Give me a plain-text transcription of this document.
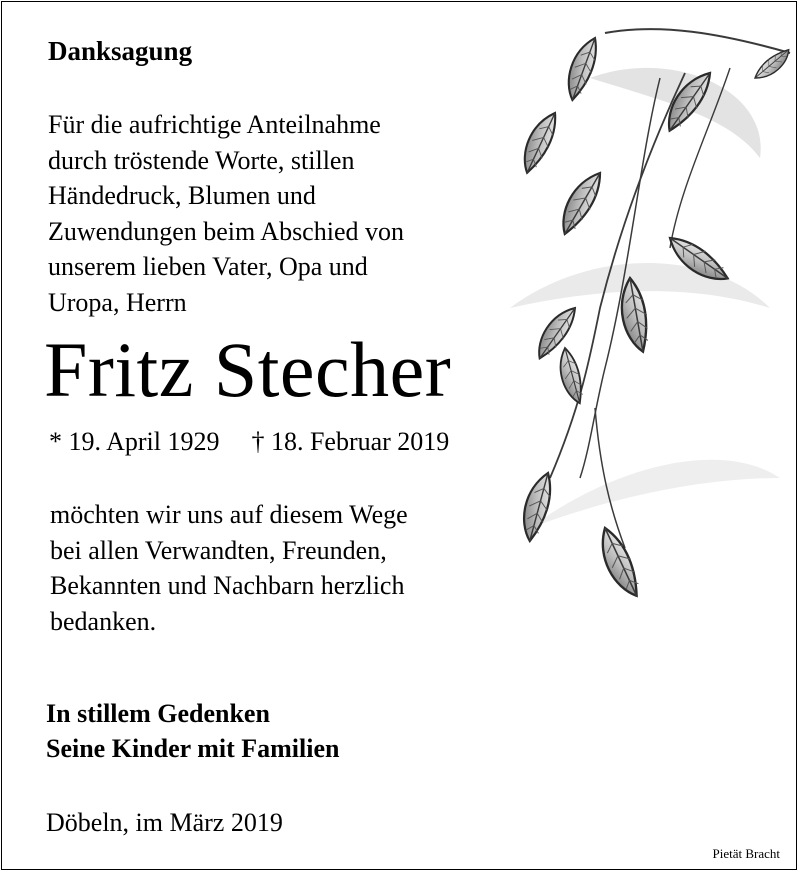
Danksagung
Für die aufrichtige Anteilnahme
durch tröstende Worte, stillen
Händedruck, Blumen und
Zuwendungen beim Abschied von
unserem lieben Vater, Opa und
Uropa, Herrn
Fritz Stecher
* 19. April 1929 † 18. Februar 2019
möchten wir uns auf diesem Wege
bei allen Verwandten, Freunden,
Bekannten und Nachbarn herzlich
bedanken.
In stillem Gedenken
Seine Kinder mit Familien
Döbeln, im März 2019
Pietät Bracht
